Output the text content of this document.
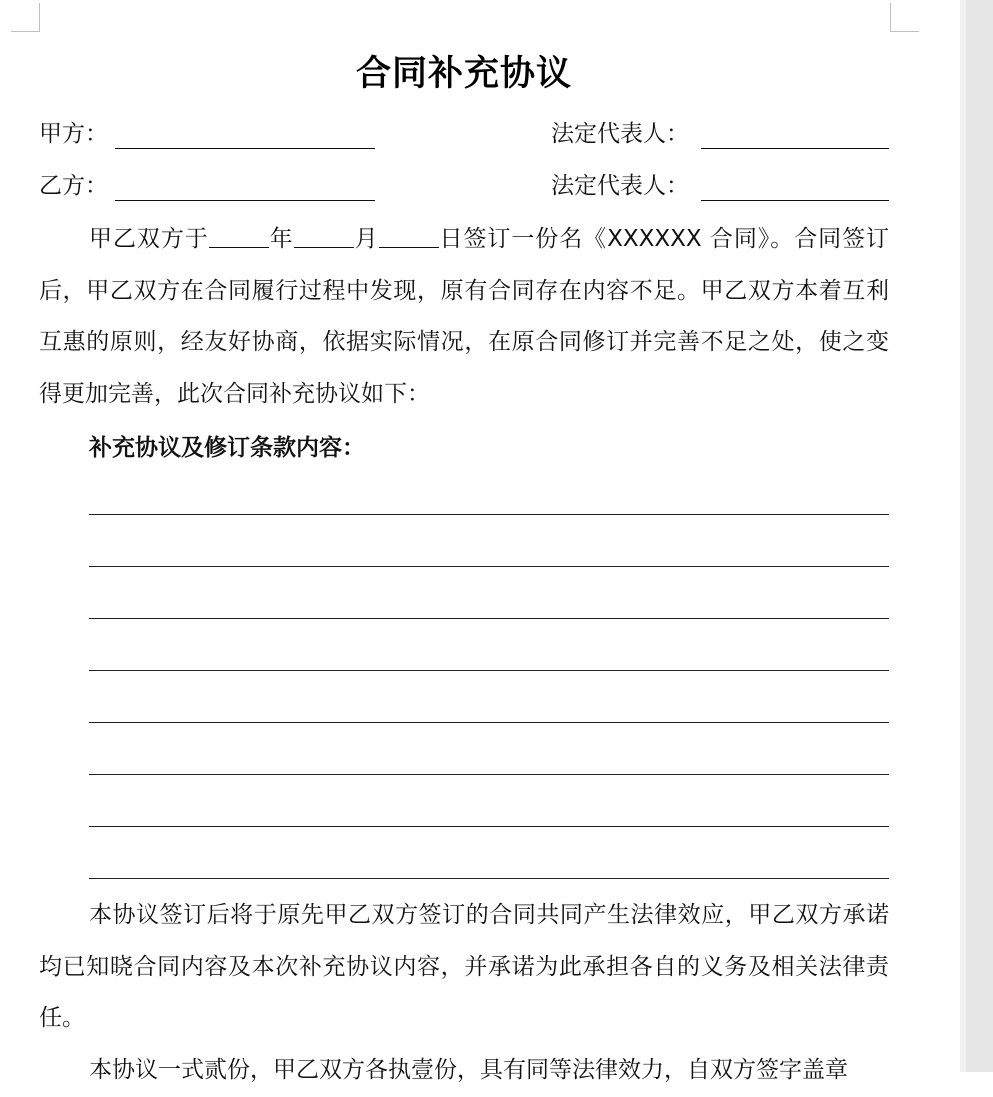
合同补充协议
甲方：	法定代表人：
乙方：	法定代表人：

甲乙双方于	年	月	日签订一份名《XXXXXX 合同》。合同签订后，甲乙双方在合同履行过程中发现，原有合同存在内容不足。甲乙双方本着互利互惠的原则，经友好协商，依据实际情况，在原合同修订并完善不足之处，使之变得更加完善，此次合同补充协议如下：

补充协议及修订条款内容：

本协议签订后将于原先甲乙双方签订的合同共同产生法律效应，甲乙双方承诺均已知晓合同内容及本次补充协议内容，并承诺为此承担各自的义务及相关法律责任。

本协议一式贰份，甲乙双方各执壹份，具有同等法律效力，自双方签字盖章
